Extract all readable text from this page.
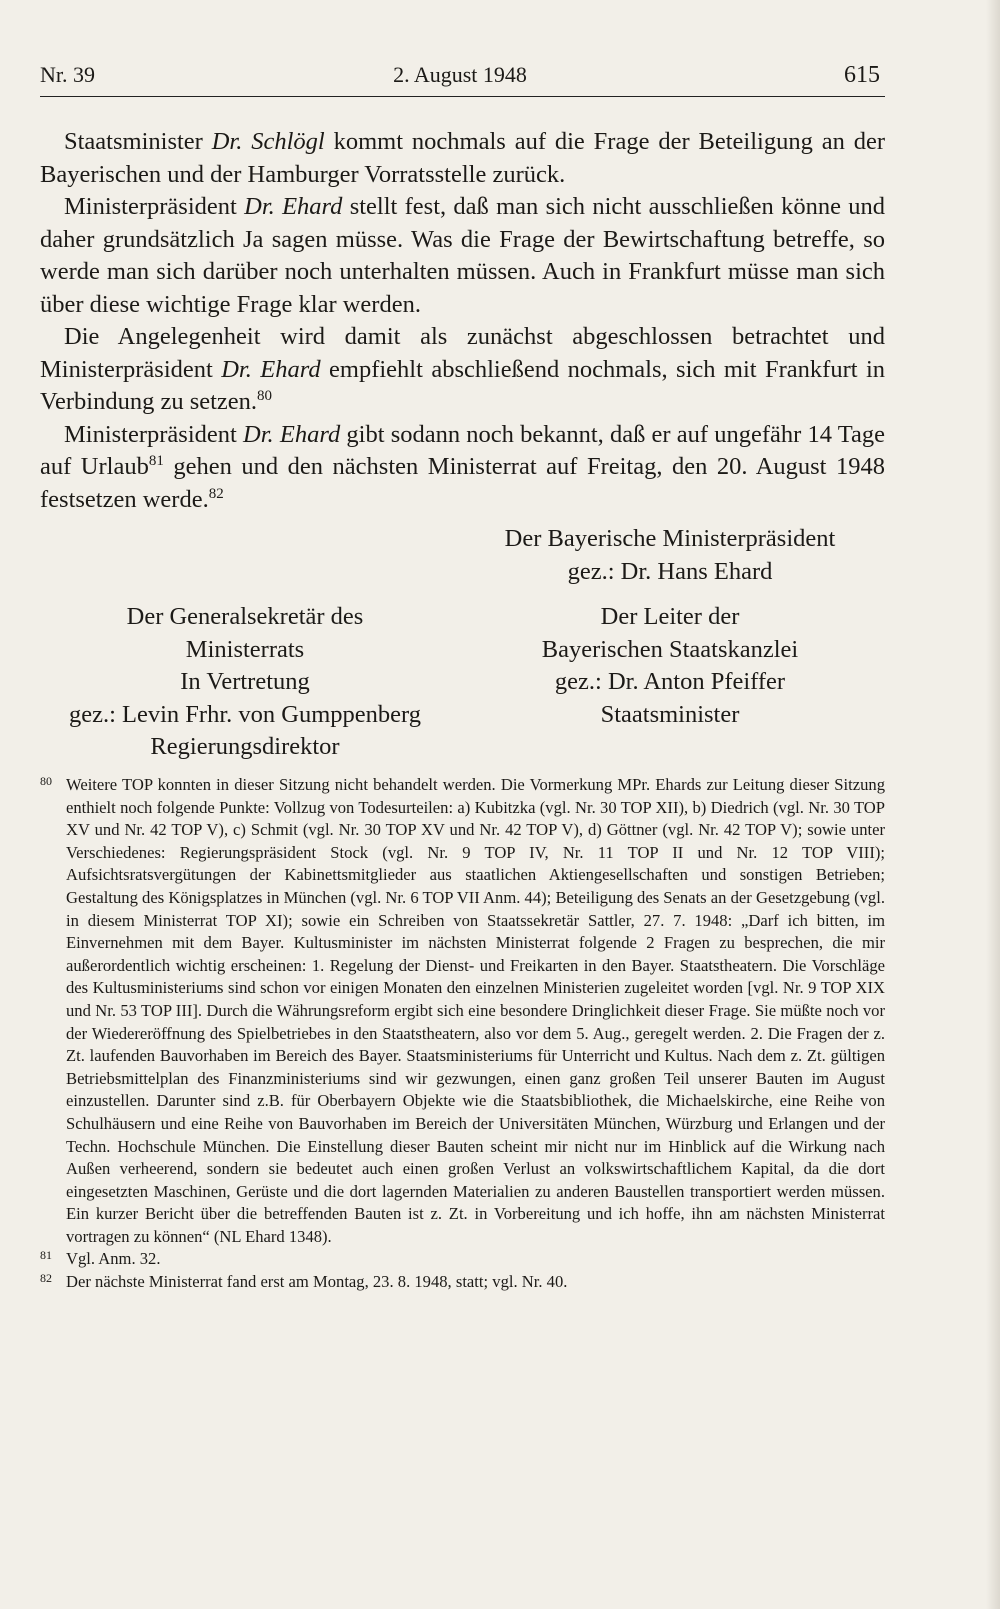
Nr. 39	2. August 1948	615

Staatsminister Dr. Schlögl kommt nochmals auf die Frage der Beteiligung an der Bayerischen und der Hamburger Vorratsstelle zurück.

Ministerpräsident Dr. Ehard stellt fest, daß man sich nicht ausschließen könne und daher grundsätzlich Ja sagen müsse. Was die Frage der Bewirtschaftung betreffe, so werde man sich darüber noch unterhalten müssen. Auch in Frankfurt müsse man sich über diese wichtige Frage klar werden.

Die Angelegenheit wird damit als zunächst abgeschlossen betrachtet und Ministerpräsident Dr. Ehard empfiehlt abschließend nochmals, sich mit Frankfurt in Verbindung zu setzen.$^{80}$

Ministerpräsident Dr. Ehard gibt sodann noch bekannt, daß er auf ungefähr 14 Tage auf Urlaub$^{81}$ gehen und den nächsten Ministerrat auf Freitag, den 20. August 1948 festsetzen werde.$^{82}$

Der Bayerische Ministerpräsident
gez.: Dr. Hans Ehard
Der Generalsekretär des
Ministerrats
In Vertretung
gez.: Levin Frhr. von Gumppenberg
Regierungsdirektor
Der Leiter der
Bayerischen Staatskanzlei
gez.: Dr. Anton Pfeiffer
Staatsminister

80 Weitere TOP konnten in dieser Sitzung nicht behandelt werden. Die Vormerkung MPr. Ehards zur Leitung dieser Sitzung enthielt noch folgende Punkte: Vollzug von Todesurteilen: a) Kubitzka (vgl. Nr. 30 TOP XII), b) Diedrich (vgl. Nr. 30 TOP XV und Nr. 42 TOP V), c) Schmit (vgl. Nr. 30 TOP XV und Nr. 42 TOP V), d) Göttner (vgl. Nr. 42 TOP V); sowie unter Verschiedenes: Regierungspräsident Stock (vgl. Nr. 9 TOP IV, Nr. 11 TOP II und Nr. 12 TOP VIII); Aufsichtsratsvergütungen der Kabinettsmitglieder aus staatlichen Aktiengesellschaften und sonstigen Betrieben; Gestaltung des Königsplatzes in München (vgl. Nr. 6 TOP VII Anm. 44); Beteiligung des Senats an der Gesetzgebung (vgl. in diesem Ministerrat TOP XI); sowie ein Schreiben von Staatssekretär Sattler, 27. 7. 1948: „Darf ich bitten, im Einvernehmen mit dem Bayer. Kultusminister im nächsten Ministerrat folgende 2 Fragen zu besprechen, die mir außerordentlich wichtig erscheinen: 1. Regelung der Dienst- und Freikarten in den Bayer. Staatstheatern. Die Vorschläge des Kultusministeriums sind schon vor einigen Monaten den einzelnen Ministerien zugeleitet worden [vgl. Nr. 9 TOP XIX und Nr. 53 TOP III]. Durch die Währungsreform ergibt sich eine besondere Dringlichkeit dieser Frage. Sie müßte noch vor der Wiedereröffnung des Spielbetriebes in den Staatstheatern, also vor dem 5. Aug., geregelt werden. 2. Die Fragen der z. Zt. laufenden Bauvorhaben im Bereich des Bayer. Staatsministeriums für Unterricht und Kultus. Nach dem z. Zt. gültigen Betriebsmittelplan des Finanzministeriums sind wir gezwungen, einen ganz großen Teil unserer Bauten im August einzustellen. Darunter sind z.B. für Oberbayern Objekte wie die Staatsbibliothek, die Michaelskirche, eine Reihe von Schulhäusern und eine Reihe von Bauvorhaben im Bereich der Universitäten München, Würzburg und Erlangen und der Techn. Hochschule München. Die Einstellung dieser Bauten scheint mir nicht nur im Hinblick auf die Wirkung nach Außen verheerend, sondern sie bedeutet auch einen großen Verlust an volkswirtschaftlichem Kapital, da die dort eingesetzten Maschinen, Gerüste und die dort lagernden Materialien zu anderen Baustellen transportiert werden müssen. Ein kurzer Bericht über die betreffenden Bauten ist z. Zt. in Vorbereitung und ich hoffe, ihn am nächsten Ministerrat vortragen zu können“ (NL Ehard 1348).

81 Vgl. Anm. 32.

82 Der nächste Ministerrat fand erst am Montag, 23. 8. 1948, statt; vgl. Nr. 40.
